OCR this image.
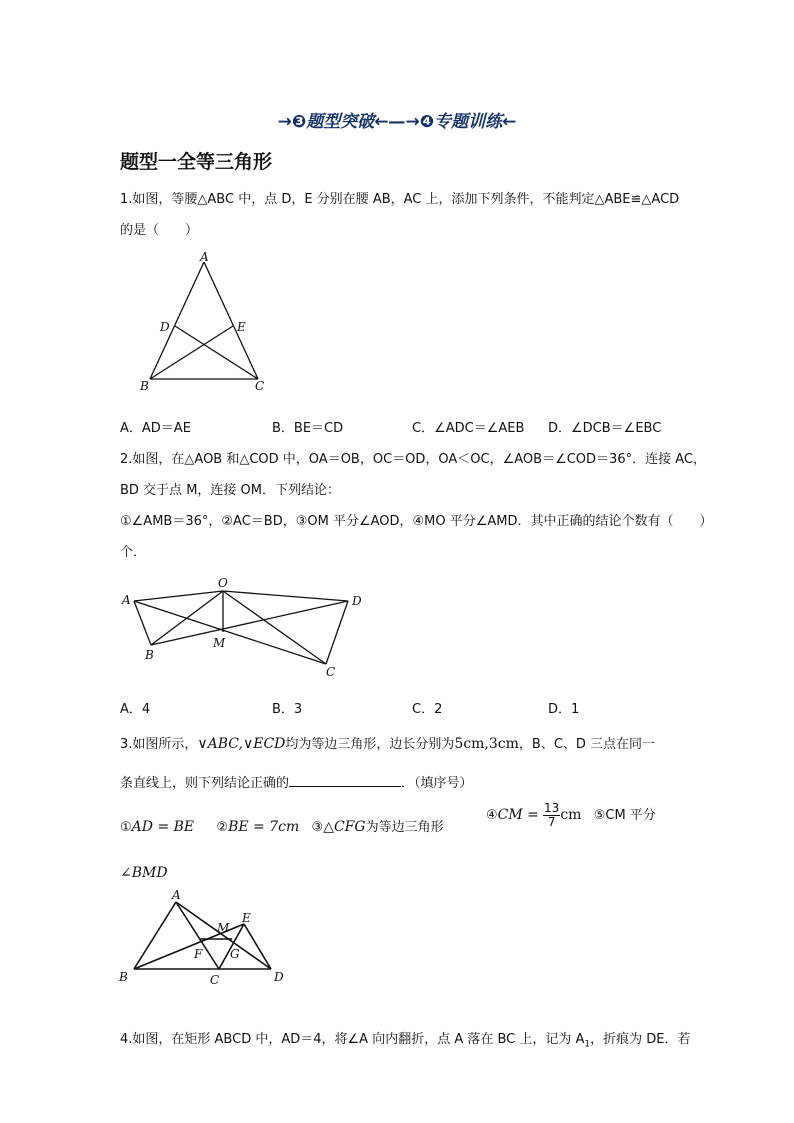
→❸题型突破←—→❹专题训练←
题型一全等三角形
1.如图，等腰△ABC 中，点 D，E 分别在腰 AB，AC 上，添加下列条件，不能判定△ABE≌△ACD
的是（　　）
A
D	E
B	C
A．AD＝AE	B．BE＝CD	C．∠ADC＝∠AEB D．∠DCB＝∠EBC
2.如图，在△AOB 和△COD 中，OA＝OB，OC＝OD，OA＜OC，∠AOB＝∠COD＝36°．连接 AC，
BD 交于点 M，连接 OM．下列结论：
①∠AMB＝36°，②AC＝BD，③OM 平分∠AOD，④MO 平分∠AMD．其中正确的结论个数有（　　）
个．
A
O
D
B
M
C
A．4	B．3	C．2	D．1
3.如图所示，∨ABC,∨ECD均为等边三角形，边长分别为5cm,3cm，B、C、D 三点在同一
条直线上，则下列结论正确的	．（填序号）
①AD = BE ②BE = 7cm ③△CFG为等边三角形
④CM = $\frac{13}{7}$ cm ⑤CM 平分
∠BMD
A
E
M
F G
B	C	D
4.如图，在矩形 ABCD 中，AD＝4，将∠A 向内翻折，点 A 落在 BC 上，记为 $A_1$，折痕为 DE．若
